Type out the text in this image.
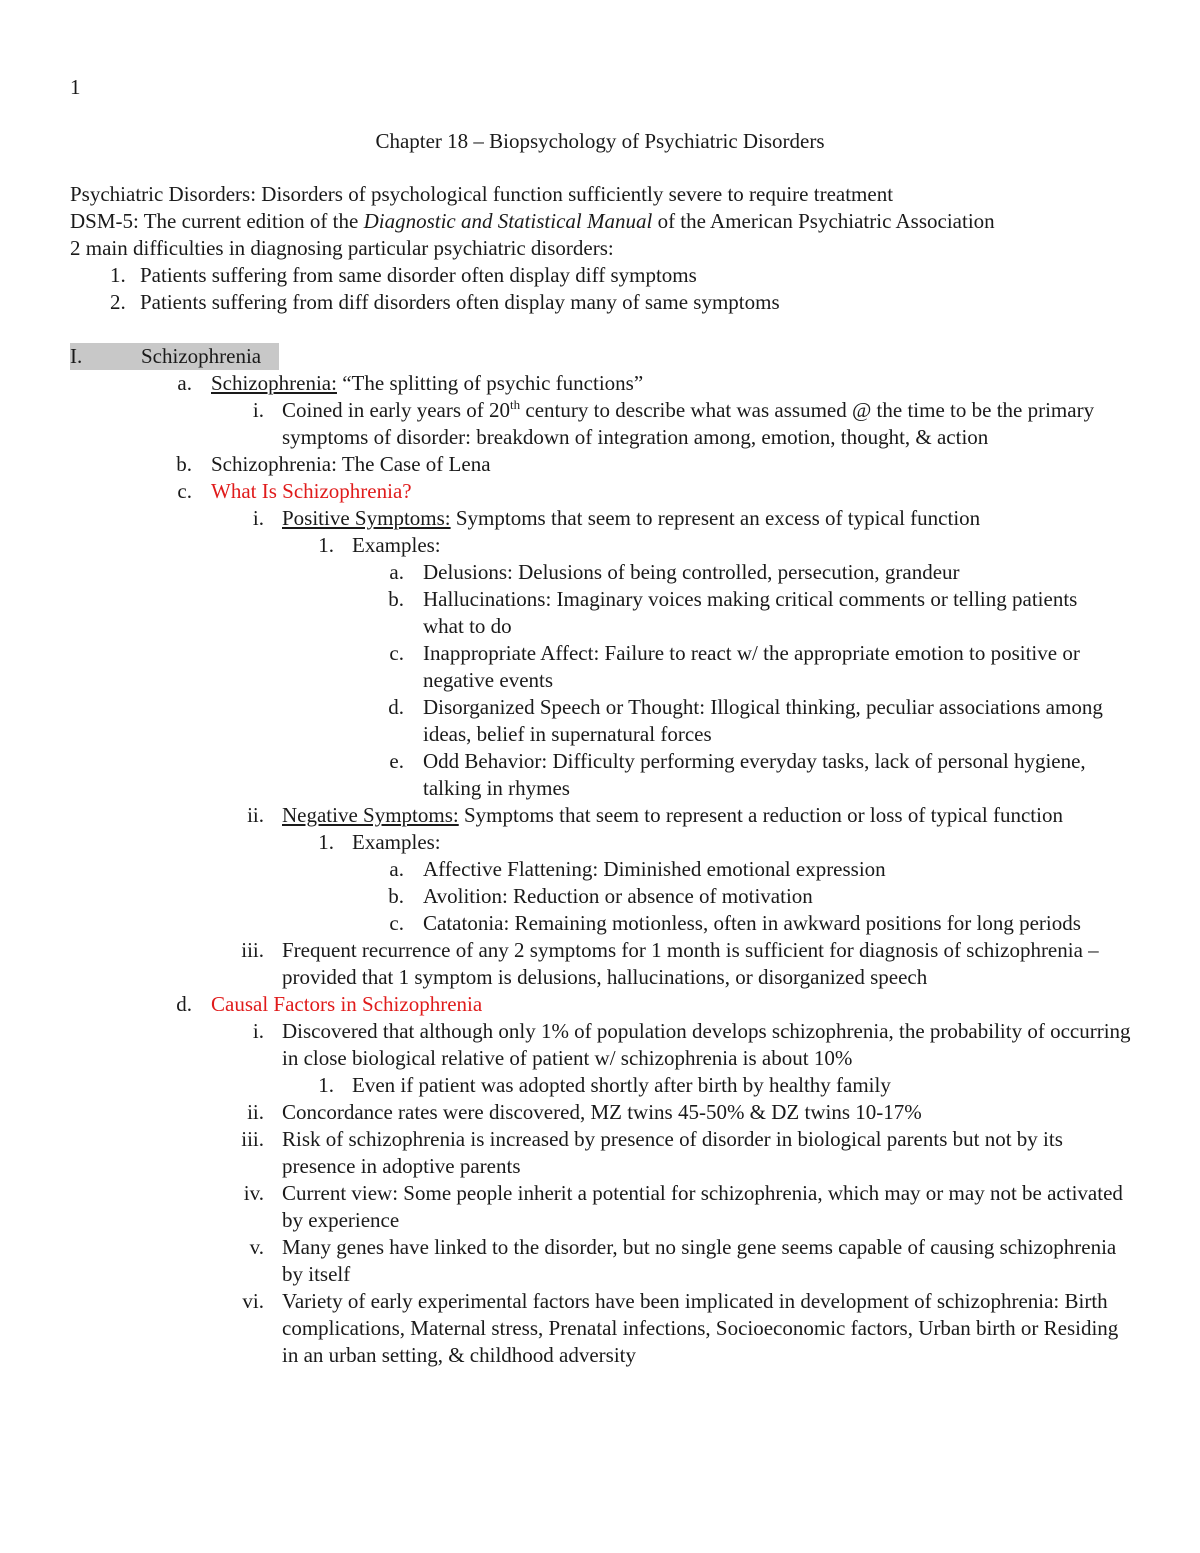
1
Chapter 18 – Biopsychology of Psychiatric Disorders

Psychiatric Disorders: Disorders of psychological function sufficiently severe to require treatment

DSM-5: The current edition of the Diagnostic and Statistical Manual of the American Psychiatric Association

2 main difficulties in diagnosing particular psychiatric disorders:

1. Patients suffering from same disorder often display diff symptoms

2. Patients suffering from diff disorders often display many of same symptoms

I.	Schizophrenia
a. Schizophrenia: “The splitting of psychic functions”
i. Coined in early years of 20th century to describe what was assumed @ the time to be the primary symptoms of disorder: breakdown of integration among, emotion, thought, & action
b. Schizophrenia: The Case of Lena
c. What Is Schizophrenia?
i. Positive Symptoms: Symptoms that seem to represent an excess of typical function
1. Examples:
a. Delusions: Delusions of being controlled, persecution, grandeur
b. Hallucinations: Imaginary voices making critical comments or telling patients what to do
c. Inappropriate Affect: Failure to react w/ the appropriate emotion to positive or negative events
d. Disorganized Speech or Thought: Illogical thinking, peculiar associations among ideas, belief in supernatural forces
e. Odd Behavior: Difficulty performing everyday tasks, lack of personal hygiene, talking in rhymes
ii. Negative Symptoms: Symptoms that seem to represent a reduction or loss of typical function
1. Examples:
a. Affective Flattening: Diminished emotional expression
b. Avolition: Reduction or absence of motivation
c. Catatonia: Remaining motionless, often in awkward positions for long periods
iii. Frequent recurrence of any 2 symptoms for 1 month is sufficient for diagnosis of schizophrenia –provided that 1 symptom is delusions, hallucinations, or disorganized speech
d. Causal Factors in Schizophrenia
i. Discovered that although only 1% of population develops schizophrenia, the probability of occurring in close biological relative of patient w/ schizophrenia is about 10%
1. Even if patient was adopted shortly after birth by healthy family
ii. Concordance rates were discovered, MZ twins 45-50% & DZ twins 10-17%
iii. Risk of schizophrenia is increased by presence of disorder in biological parents but not by its presence in adoptive parents
iv. Current view: Some people inherit a potential for schizophrenia, which may or may not be activated by experience
v. Many genes have linked to the disorder, but no single gene seems capable of causing schizophrenia by itself
vi. Variety of early experimental factors have been implicated in development of schizophrenia: Birth complications, Maternal stress, Prenatal infections, Socioeconomic factors, Urban birth or Residing in an urban setting, & childhood adversity
